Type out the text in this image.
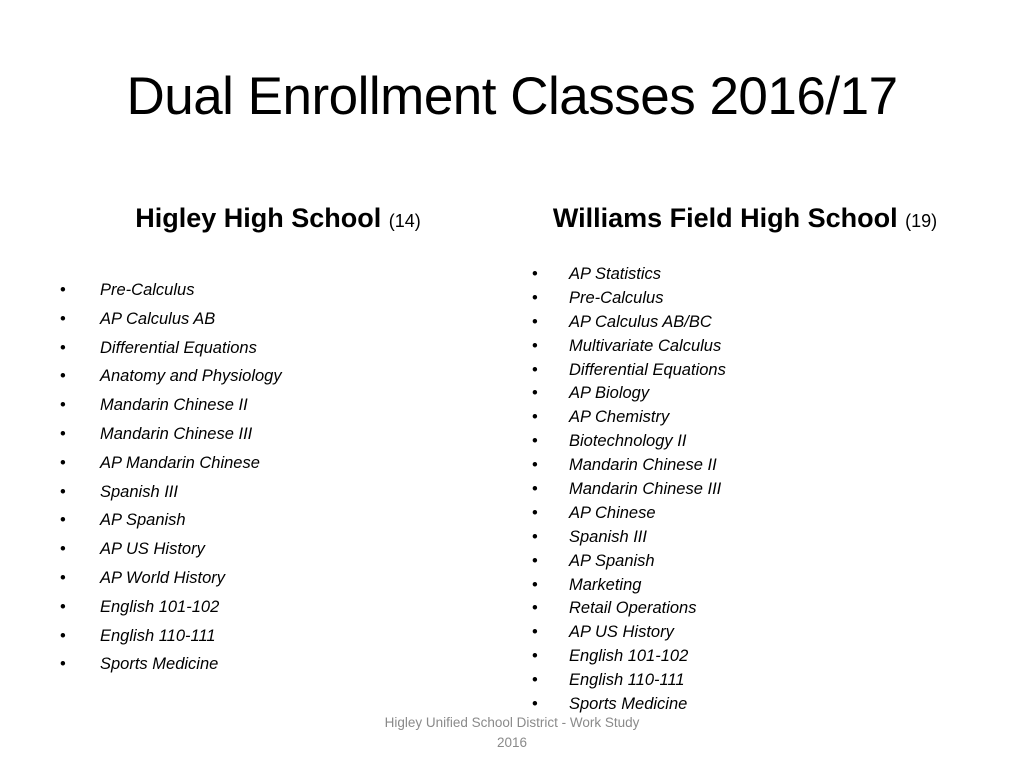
Dual Enrollment Classes 2016/17
Higley High School (14)	Williams Field High School (19)
• Pre-Calculus
• AP Calculus AB
• Differential Equations
• Anatomy and Physiology
• Mandarin Chinese II
• Mandarin Chinese III
• AP Mandarin Chinese
• Spanish III
• AP Spanish
• AP US History
• AP World History
• English 101-102
• English 110-111
• Sports Medicine
• AP Statistics
• Pre-Calculus
• AP Calculus AB/BC
• Multivariate Calculus
• Differential Equations
• AP Biology
• AP Chemistry
• Biotechnology II
• Mandarin Chinese II
• Mandarin Chinese III
• AP Chinese
• Spanish III
• AP Spanish
• Marketing
• Retail Operations
• AP US History
• English 101-102
• English 110-111
• Sports Medicine
Higley Unified School District - Work Study
2016
